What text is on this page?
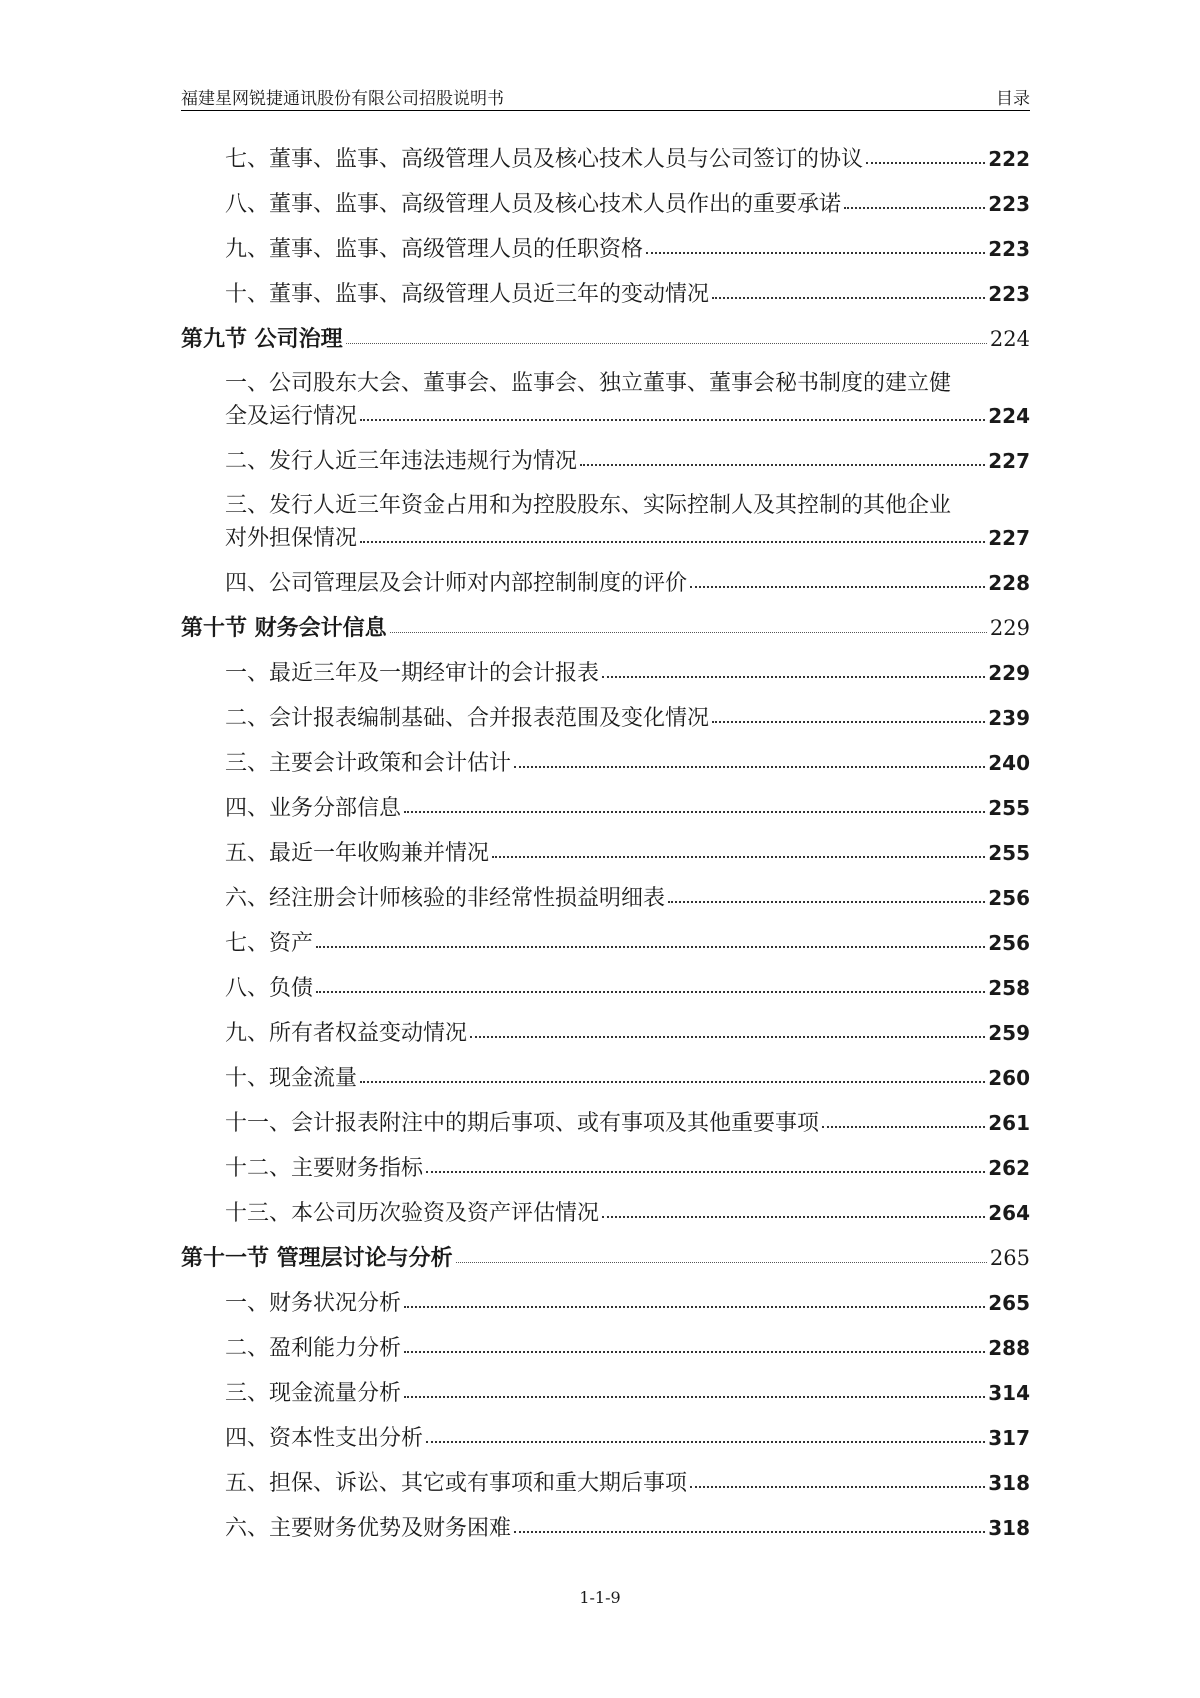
福建星网锐捷通讯股份有限公司招股说明书	目录
七、董事、监事、高级管理人员及核心技术人员与公司签订的协议	222
八、董事、监事、高级管理人员及核心技术人员作出的重要承诺	223
九、董事、监事、高级管理人员的任职资格	223
十、董事、监事、高级管理人员近三年的变动情况	223
第九节 公司治理	224
一、公司股东大会、董事会、监事会、独立董事、董事会秘书制度的建立健
全及运行情况	224
二、发行人近三年违法违规行为情况	227
三、发行人近三年资金占用和为控股股东、实际控制人及其控制的其他企业
对外担保情况	227
四、公司管理层及会计师对内部控制制度的评价	228
第十节 财务会计信息	229
一、最近三年及一期经审计的会计报表	229
二、会计报表编制基础、合并报表范围及变化情况	239
三、主要会计政策和会计估计	240
四、业务分部信息	255
五、最近一年收购兼并情况	255
六、经注册会计师核验的非经常性损益明细表	256
七、资产	256
八、负债	258
九、所有者权益变动情况	259
十、现金流量	260
十一、会计报表附注中的期后事项、或有事项及其他重要事项	261
十二、主要财务指标	262
十三、本公司历次验资及资产评估情况	264
第十一节 管理层讨论与分析	265
一、财务状况分析	265
二、盈利能力分析	288
三、现金流量分析	314
四、资本性支出分析	317
五、担保、诉讼、其它或有事项和重大期后事项	318
六、主要财务优势及财务困难	318
1-1-9
